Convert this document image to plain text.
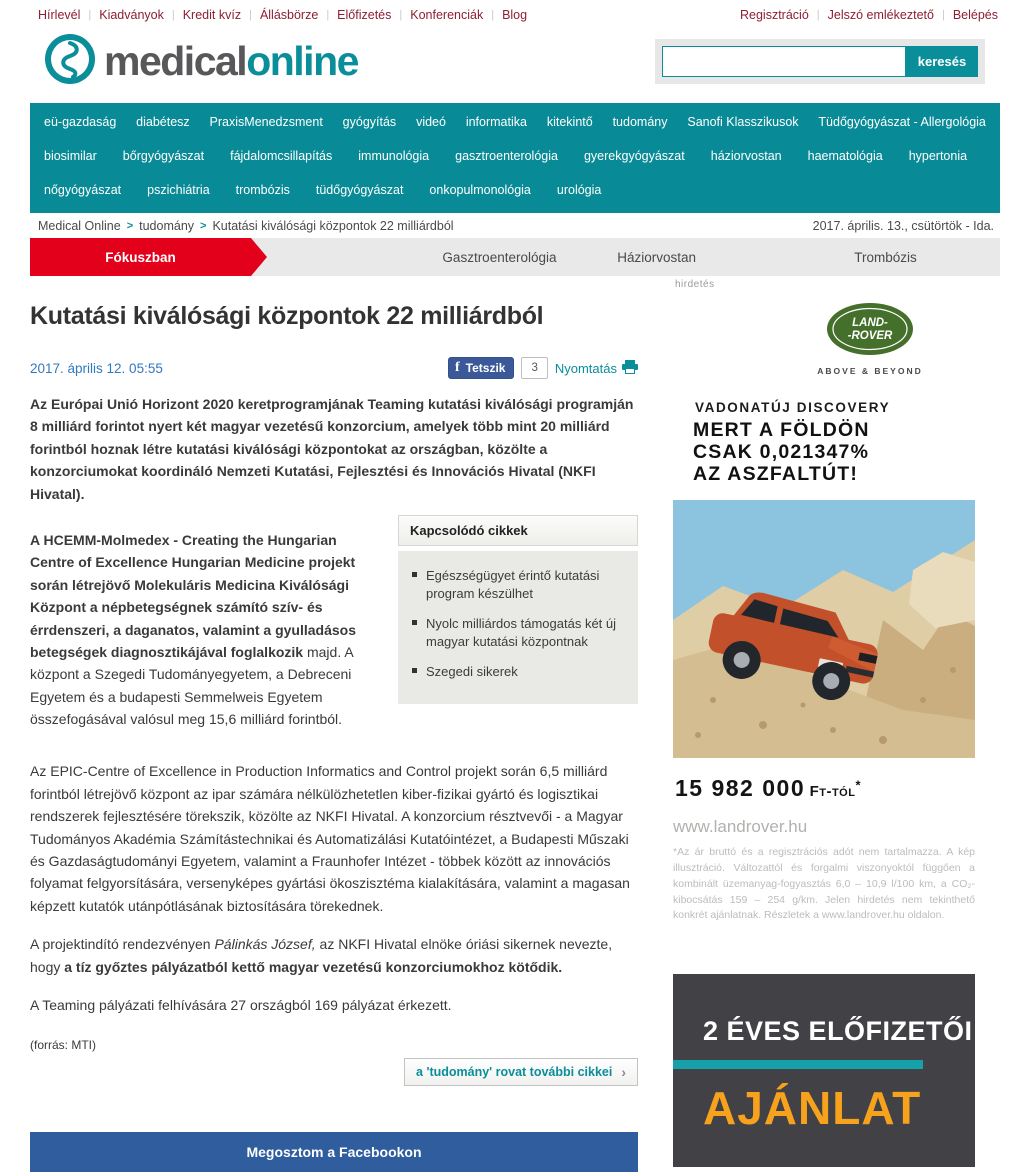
Hírlevél | Kiadványok | Kredit kvíz | Állásbörze | Előfizetés | Konferenciák | Blog	Regisztráció | Jelszó emlékeztető | Belépés
medicalonline	keresés
eü-gazdaság	diabétesz	PraxisMenedzsment	gyógyítás	videó	informatika	kitekintő	tudomány	Sanofi Klasszikusok	Tüdőgyógyászat - Allergológia
biosimilar	bőrgyógyászat	fájdalomcsillapítás	immunológia	gasztroenterológia	gyerekgyógyászat	háziorvostan	haematológia	hypertonia
nőgyógyászat	pszichiátria	trombózis	tüdőgyógyászat	onkopulmonológia	urológia
Medical Online > tudomány > Kutatási kiválósági központok 22 milliárdból	2017. április. 13., csütörtök - Ida.
Fókuszban	Gasztroenterológia	Háziorvostan	Trombózis
Kutatási kiválósági központok 22 milliárdból
2017. április 12. 05:55	f Tetszik	3	Nyomtatás

Az Európai Unió Horizont 2020 keretprogramjának Teaming kutatási kiválósági programján 8 milliárd forintot nyert két magyar vezetésű konzorcium, amelyek több mint 20 milliárd forintból hoznak létre kutatási kiválósági központokat az országban, közölte a konzorciumokat koordináló Nemzeti Kutatási, Fejlesztési és Innovációs Hivatal (NKFI Hivatal).

A HCEMM-Molmedex - Creating the Hungarian Centre of Excellence Hungarian Medicine projekt során létrejövő Molekuláris Medicina Kiválósági Központ a népbetegségnek számító szív- és érrdenszeri, a daganatos, valamint a gyulladásos betegségek diagnosztikájával foglalkozik majd. A központ a Szegedi Tudományegyetem, a Debreceni Egyetem és a budapesti Semmelweis Egyetem összefogásával valósul meg 15,6 milliárd forintból.

Kapcsolódó cikkek
Egészségügyet érintő kutatási program készülhet
Nyolc milliárdos támogatás két új magyar kutatási központnak
Szegedi sikerek

Az EPIC-Centre of Excellence in Production Informatics and Control projekt során 6,5 milliárd forintból létrejövő központ az ipar számára nélkülözhetetlen kiber-fizikai gyártó és logisztikai rendszerek fejlesztésére törekszik, közölte az NKFI Hivatal. A konzorcium résztvevői - a Magyar Tudományos Akadémia Számítástechnikai és Automatizálási Kutatóintézet, a Budapesti Műszaki és Gazdaságtudományi Egyetem, valamint a Fraunhofer Intézet - többek között az innovációs folyamat felgyorsítására, versenyképes gyártási ökoszisztéma kialakítására, valamint a magasan képzett kutatók utánpótlásának biztosítására törekednek.

A projektindító rendezvényen Pálinkás József, az NKFI Hivatal elnöke óriási sikernek nevezte, hogy a tíz győztes pályázatból kettő magyar vezetésű konzorciumokhoz kötődik.

A Teaming pályázati felhívására 27 országból 169 pályázat érkezett.

(forrás: MTI)

a 'tudomány' rovat további cikkei ›
Megosztom a Facebookon
hirdetés
LAND-
-ROVER
ABOVE & BEYOND
VADONATÚJ DISCOVERY
MERT A FÖLDÖN
CSAK 0,021347%
AZ ASZFALTÚT!
15 982 000 Ft-tól*
www.landrover.hu
*Az ár bruttó és a regisztrációs adót nem tartalmazza. A kép illusztráció. Változattól és forgalmi viszonyoktól függően a kombinált üzemanyag-fogyasztás 6,0 – 10,9 l/100 km, a CO₂-kibocsátás 159 – 254 g/km. Jelen hirdetés nem tekinthető konkrét ajánlatnak. Részletek a www.landrover.hu oldalon.
2 ÉVES ELŐFIZETŐI
AJÁNLAT
